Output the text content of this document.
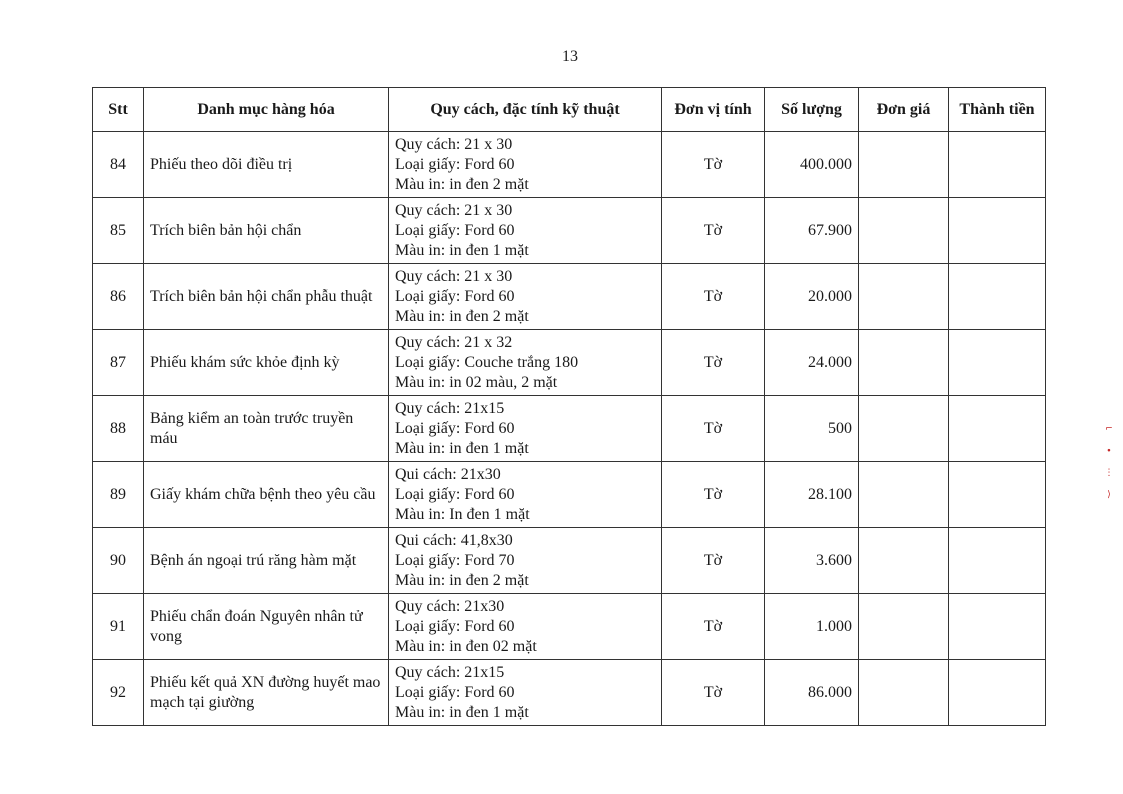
13
Stt	Danh mục hàng hóa	Quy cách, đặc tính kỹ thuật	Đơn vị tính	Số lượng	Đơn giá	Thành tiền
84	Phiếu theo dõi điều trị	Quy cách: 21 x 30
Loại giấy: Ford 60
Màu in: in đen 2 mặt	Tờ	400.000		
85	Trích biên bản hội chẩn	Quy cách: 21 x 30
Loại giấy: Ford 60
Màu in: in đen 1 mặt	Tờ	67.900		
86	Trích biên bản hội chẩn phẫu thuật	Quy cách: 21 x 30
Loại giấy: Ford 60
Màu in: in đen 2 mặt	Tờ	20.000		
87	Phiếu khám sức khỏe định kỳ	Quy cách: 21 x 32
Loại giấy: Couche trắng 180
Màu in: in 02 màu, 2 mặt	Tờ	24.000		
88	Bảng kiểm an toàn trước truyền máu	Quy cách: 21x15
Loại giấy: Ford 60
Màu in: in đen 1 mặt	Tờ	500		
89	Giấy khám chữa bệnh theo yêu cầu	Qui cách: 21x30
Loại giấy: Ford 60
Màu in: In đen 1 mặt	Tờ	28.100		
90	Bệnh án ngoại trú răng hàm mặt	Qui cách: 41,8x30
Loại giấy: Ford 70
Màu in: in đen 2 mặt	Tờ	3.600		
91	Phiếu chẩn đoán Nguyên nhân tử vong	Quy cách: 21x30
Loại giấy: Ford 60
Màu in: in đen 02 mặt	Tờ	1.000		
92	Phiếu kết quả XN đường huyết mao mạch tại giường	Quy cách: 21x15
Loại giấy: Ford 60
Màu in: in đen 1 mặt	Tờ	86.000		
⌐
∙
⋮
⟩
